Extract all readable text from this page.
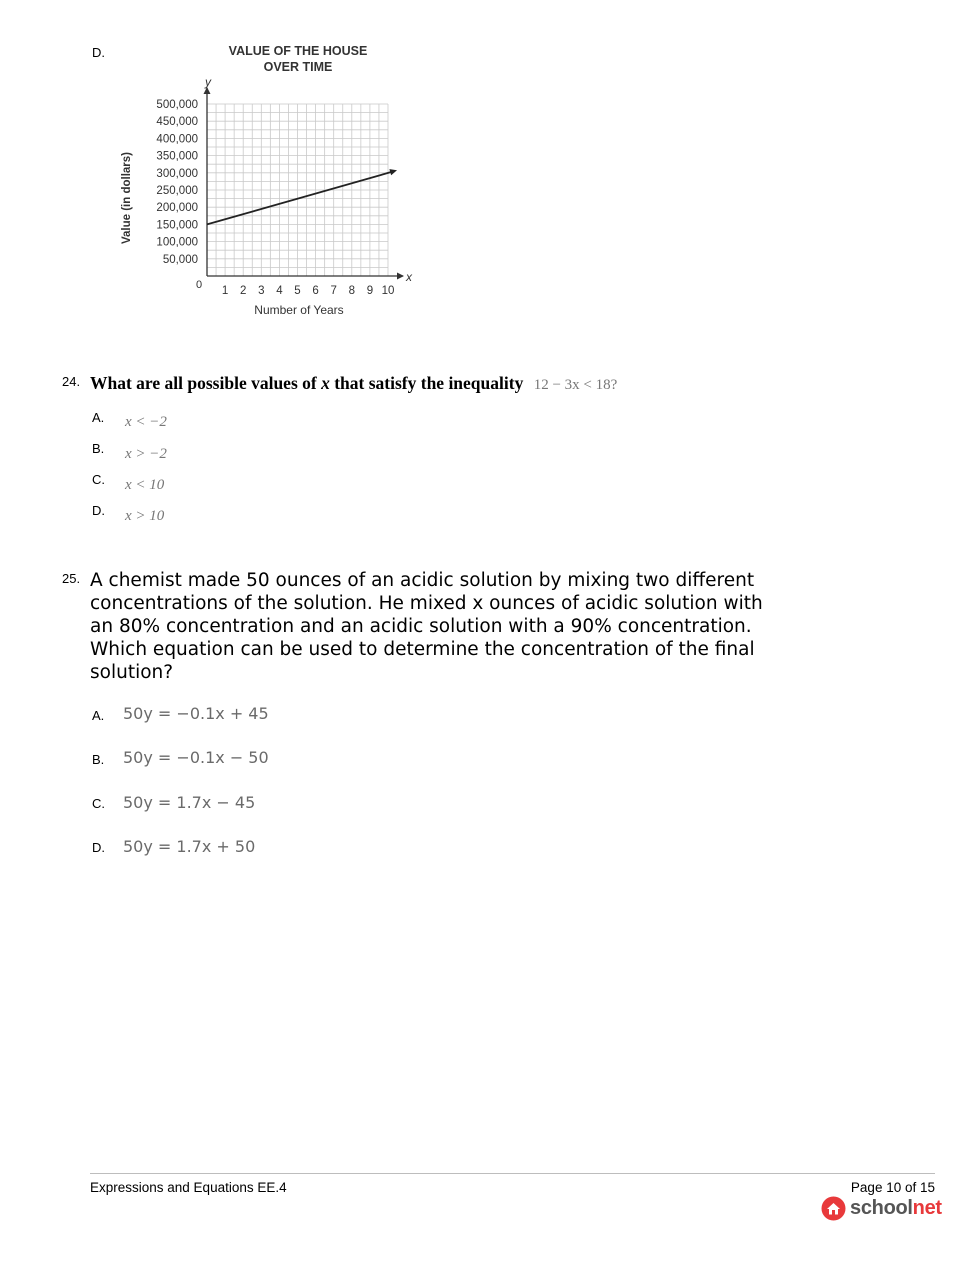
D.	VALUE OF THE HOUSE
OVER TIME
y
x
0
Value (in dollars)
Number of Years
50,000
100,000
150,000
200,000
250,000
300,000
350,000
400,000
450,000
500,000
1 2 3 4 5 6 7 8 9 10
24. What are all possible values of x that satisfy the inequality 12 − 3x < 18?
A. x < −2
B. x > −2
C. x < 10
D. x > 10
25. A chemist made 50 ounces of an acidic solution by mixing two different
concentrations of the solution. He mixed x ounces of acidic solution with
an 80% concentration and an acidic solution with a 90% concentration.
Which equation can be used to determine the concentration of the final
solution?
A. 50y = −0.1x + 45
B. 50y = −0.1x − 50
C. 50y = 1.7x − 45
D. 50y = 1.7x + 50
Expressions and Equations EE.4	Page 10 of 15
schoolnet
